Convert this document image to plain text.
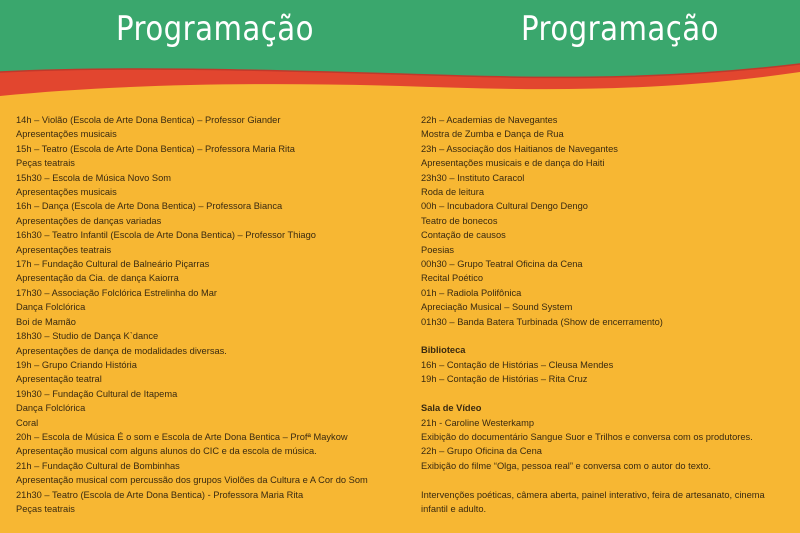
Programação	Programação
14h – Violão (Escola de Arte Dona Bentica) – Professor Giander
Apresentações musicais
15h – Teatro (Escola de Arte Dona Bentica) – Professora Maria Rita
Peças teatrais
15h30 – Escola de Música Novo Som
Apresentações musicais
16h – Dança (Escola de Arte Dona Bentica) – Professora Bianca
Apresentações de danças variadas
16h30 – Teatro Infantil (Escola de Arte Dona Bentica) – Professor Thiago
Apresentações teatrais
17h – Fundação Cultural de Balneário Piçarras
Apresentação da Cia. de dança Kaiorra
17h30 – Associação Folclórica Estrelinha do Mar
Dança Folclórica
Boi de Mamão
18h30 – Studio de Dança K`dance
Apresentações de dança de modalidades diversas.
19h – Grupo Criando História
Apresentação teatral
19h30 – Fundação Cultural de Itapema
Dança Folclórica
Coral
20h – Escola de Música É o som e Escola de Arte Dona Bentica – Profª Maykow
Apresentação musical com alguns alunos do CIC e da escola de música.
21h – Fundação Cultural de Bombinhas
Apresentação musical com percussão dos grupos Violões da Cultura e A Cor do Som
21h30 – Teatro (Escola de Arte Dona Bentica) - Professora Maria Rita
Peças teatrais
22h – Academias de Navegantes
Mostra de Zumba e Dança de Rua
23h – Associação dos Haitianos de Navegantes
Apresentações musicais e de dança do Haiti
23h30 – Instituto Caracol
Roda de leitura
00h – Incubadora Cultural Dengo Dengo
Teatro de bonecos
Contação de causos
Poesias
00h30 – Grupo Teatral Oficina da Cena
Recital Poético
01h – Radiola Polifônica
Apreciação Musical – Sound System
01h30 – Banda Batera Turbinada (Show de encerramento)
Biblioteca
16h – Contação de Histórias – Cleusa Mendes
19h – Contação de Histórias – Rita Cruz
Sala de Vídeo
21h - Caroline Westerkamp
Exibição do documentário Sangue Suor e Trilhos e conversa com os produtores.
22h – Grupo Oficina da Cena
Exibição do filme “Olga, pessoa real” e conversa com o autor do texto.
Intervenções poéticas, câmera aberta, painel interativo, feira de artesanato, cinema infantil e adulto.
